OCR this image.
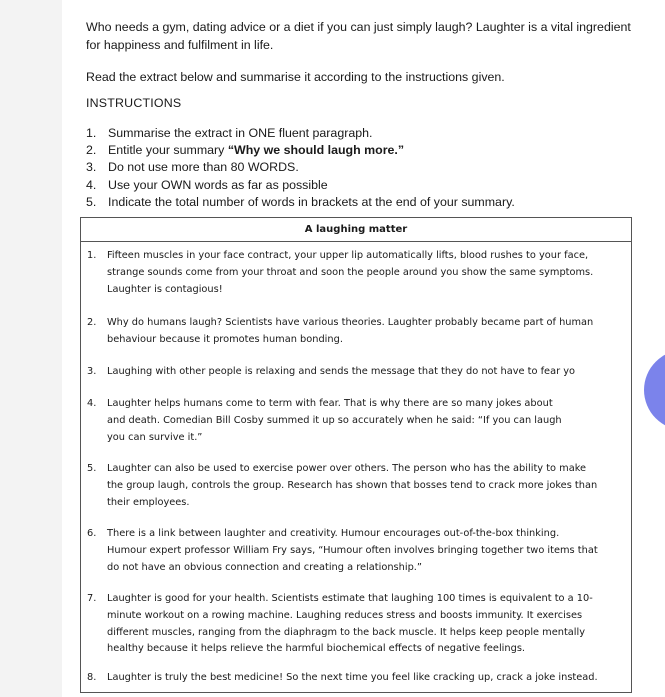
Who needs a gym, dating advice or a diet if you can just simply laugh? Laughter is a vital ingredient for happiness and fulfilment in life.
Read the extract below and summarise it according to the instructions given.
INSTRUCTIONS
1. Summarise the extract in ONE fluent paragraph.
2. Entitle your summary “Why we should laugh more.”
3. Do not use more than 80 WORDS.
4. Use your OWN words as far as possible
5. Indicate the total number of words in brackets at the end of your summary.
A laughing matter
1.	Fifteen muscles in your face contract, your upper lip automatically lifts, blood rushes to your face,
strange sounds come from your throat and soon the people around you show the same symptoms.
Laughter is contagious!
2.	Why do humans laugh? Scientists have various theories. Laughter probably became part of human
behaviour because it promotes human bonding.
3.	Laughing with other people is relaxing and sends the message that they do not have to fear yo
4.	Laughter helps humans come to term with fear. That is why there are so many jokes about
and death. Comedian Bill Cosby summed it up so accurately when he said: “If you can laugh
you can survive it.”
5.	Laughter can also be used to exercise power over others. The person who has the ability to make
the group laugh, controls the group. Research has shown that bosses tend to crack more jokes than
their employees.
6.	There is a link between laughter and creativity. Humour encourages out-of-the-box thinking.
Humour expert professor William Fry says, “Humour often involves bringing together two items that
do not have an obvious connection and creating a relationship.”
7.	Laughter is good for your health. Scientists estimate that laughing 100 times is equivalent to a 10-
minute workout on a rowing machine. Laughing reduces stress and boosts immunity. It exercises
different muscles, ranging from the diaphragm to the back muscle. It helps keep people mentally
healthy because it helps relieve the harmful biochemical effects of negative feelings.
8.	Laughter is truly the best medicine! So the next time you feel like cracking up, crack a joke instead.
